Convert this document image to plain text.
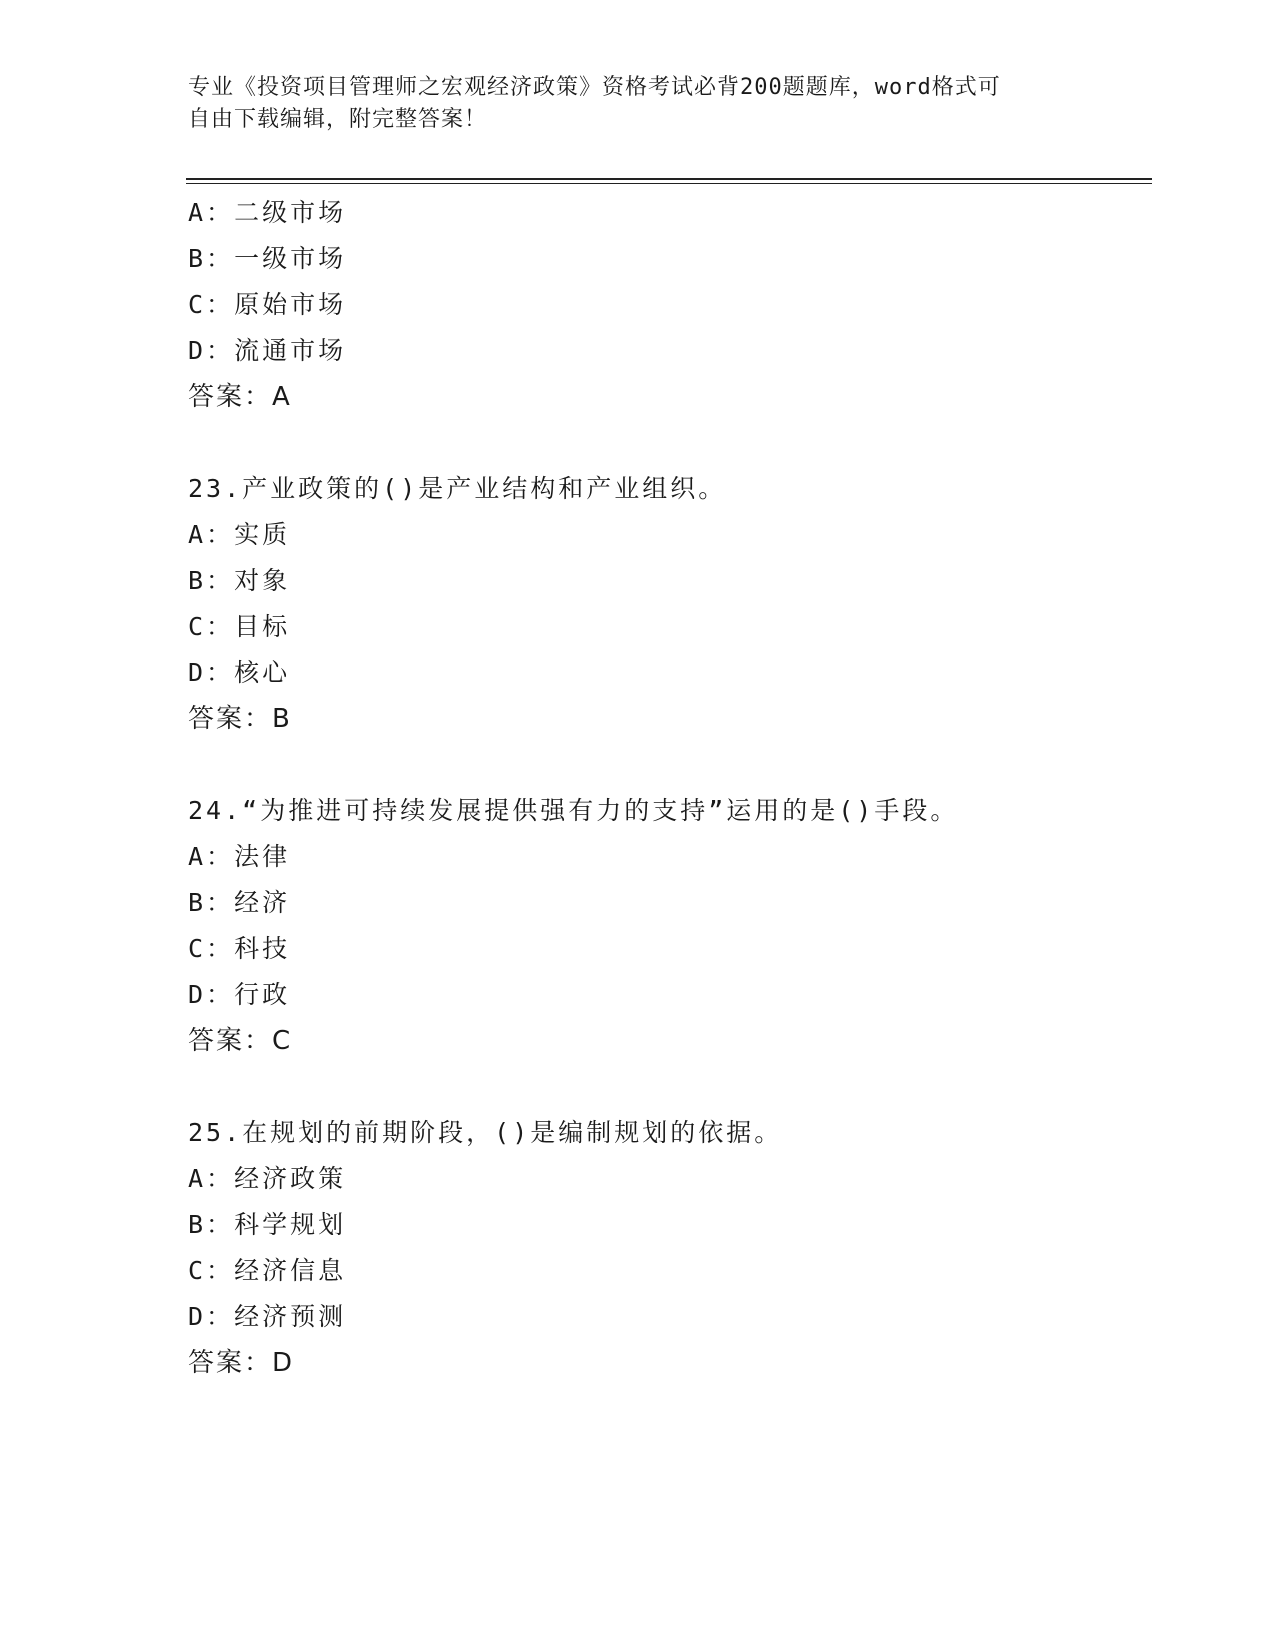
专业《投资项目管理师之宏观经济政策》资格考试必背200题题库，word格式可
自由下载编辑，附完整答案！
A：二级市场
B：一级市场
C：原始市场
D：流通市场
答案：A
23.产业政策的()是产业结构和产业组织。
A：实质
B：对象
C：目标
D：核心
答案：B
24.“为推进可持续发展提供强有力的支持”运用的是()手段。
A：法律
B：经济
C：科技
D：行政
答案：C
25.在规划的前期阶段，()是编制规划的依据。
A：经济政策
B：科学规划
C：经济信息
D：经济预测
答案：D
